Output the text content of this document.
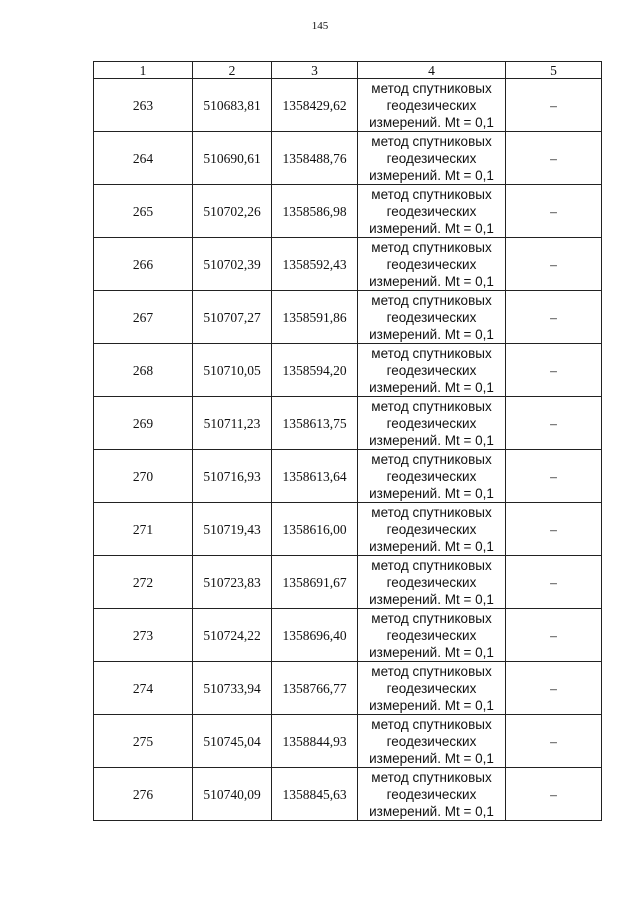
145
1	2	3	4	5
263	510683,81	1358429,62	метод спутниковых
геодезических
измерений. Mt = 0,1	–
264	510690,61	1358488,76	метод спутниковых
геодезических
измерений. Mt = 0,1	–
265	510702,26	1358586,98	метод спутниковых
геодезических
измерений. Mt = 0,1	–
266	510702,39	1358592,43	метод спутниковых
геодезических
измерений. Mt = 0,1	–
267	510707,27	1358591,86	метод спутниковых
геодезических
измерений. Mt = 0,1	–
268	510710,05	1358594,20	метод спутниковых
геодезических
измерений. Mt = 0,1	–
269	510711,23	1358613,75	метод спутниковых
геодезических
измерений. Mt = 0,1	–
270	510716,93	1358613,64	метод спутниковых
геодезических
измерений. Mt = 0,1	–
271	510719,43	1358616,00	метод спутниковых
геодезических
измерений. Mt = 0,1	–
272	510723,83	1358691,67	метод спутниковых
геодезических
измерений. Mt = 0,1	–
273	510724,22	1358696,40	метод спутниковых
геодезических
измерений. Mt = 0,1	–
274	510733,94	1358766,77	метод спутниковых
геодезических
измерений. Mt = 0,1	–
275	510745,04	1358844,93	метод спутниковых
геодезических
измерений. Mt = 0,1	–
276	510740,09	1358845,63	метод спутниковых
геодезических
измерений. Mt = 0,1	–
